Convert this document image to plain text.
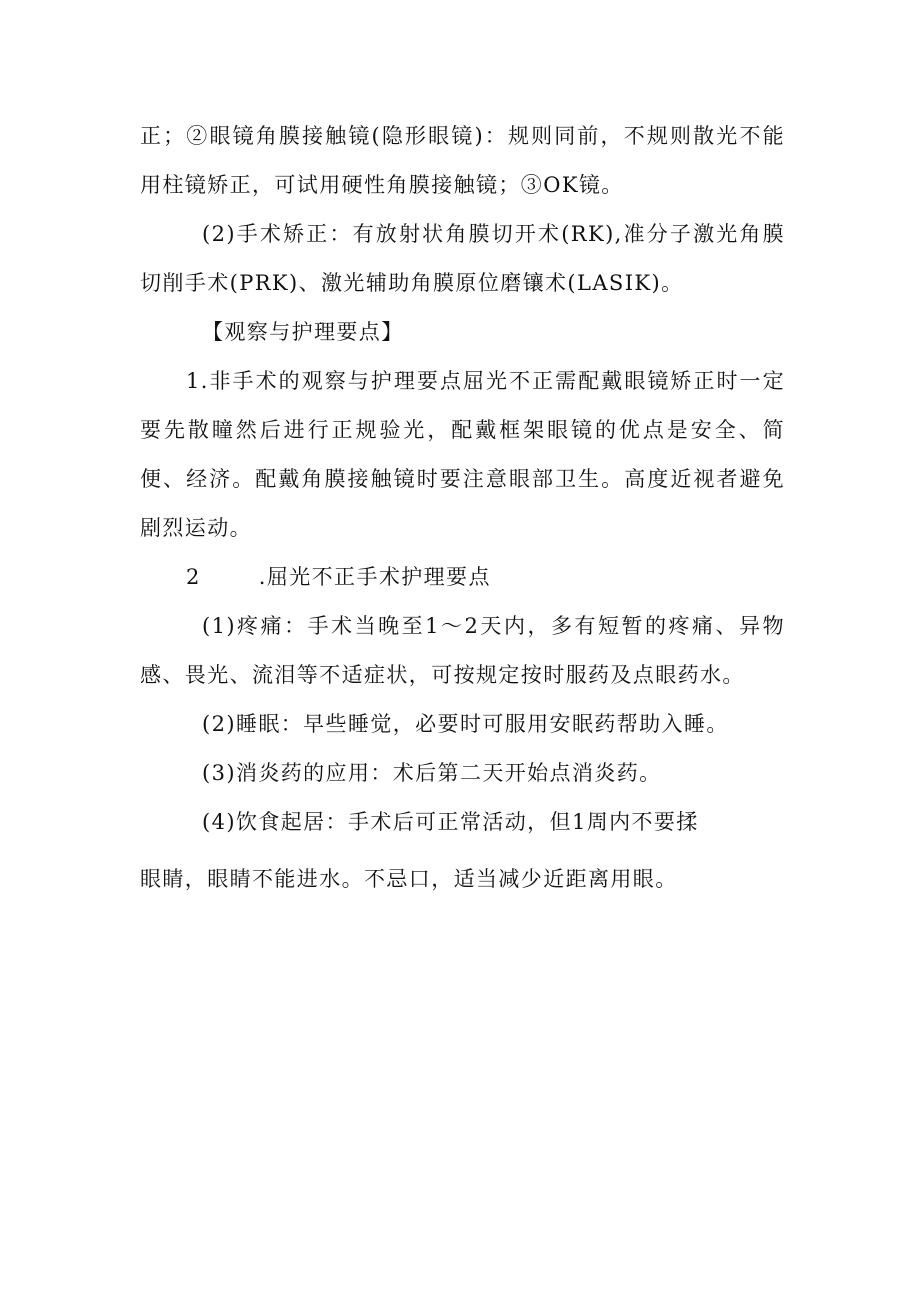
正；②眼镜角膜接触镜(隐形眼镜)：规则同前，不规则散光不能用柱镜矫正，可试用硬性角膜接触镜；③OK镜。

(2)手术矫正：有放射状角膜切开术(RK),准分子激光角膜切削手术(PRK)、激光辅助角膜原位磨镶术(LASIK)。

【观察与护理要点】

1.非手术的观察与护理要点屈光不正需配戴眼镜矫正时一定要先散瞳然后进行正规验光，配戴框架眼镜的优点是安全、简便、经济。配戴角膜接触镜时要注意眼部卫生。高度近视者避免剧烈运动。

2	.屈光不正手术护理要点

(1)疼痛：手术当晚至1～2天内，多有短暂的疼痛、异物感、畏光、流泪等不适症状，可按规定按时服药及点眼药水。

(2)睡眠：早些睡觉，必要时可服用安眠药帮助入睡。

(3)消炎药的应用：术后第二天开始点消炎药。

(4)饮食起居：手术后可正常活动，但1周内不要揉

眼睛，眼睛不能进水。不忌口，适当减少近距离用眼。
